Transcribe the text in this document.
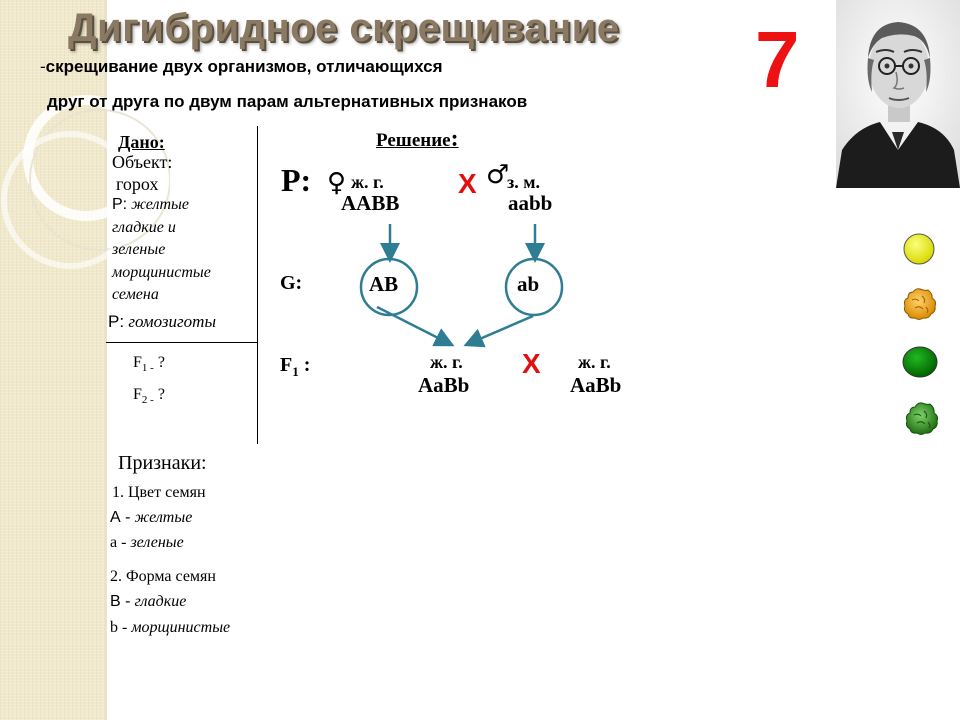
Дигибридное скрещивание 7
-скрещивание двух организмов, отличающихся
друг от друга по двум парам альтернативных признаков
Дано:
Объект:
горох
P: желтые
гладкие и
зеленые
морщинистые
семена
P: гомозиготы
$F_{1 -}$ ?
$F_{2 -}$ ?
Признаки:
1. Цвет семян
А - желтые
а - зеленые
2. Форма семян
В - гладкие
b - морщинистые
Решение:
P: ♀ ж. г.
AABB
X ♂
з. м.
aabb
G:	AB	ab
$F_1$ :	ж. г.
AaBb
X ж. г.
AaBb
